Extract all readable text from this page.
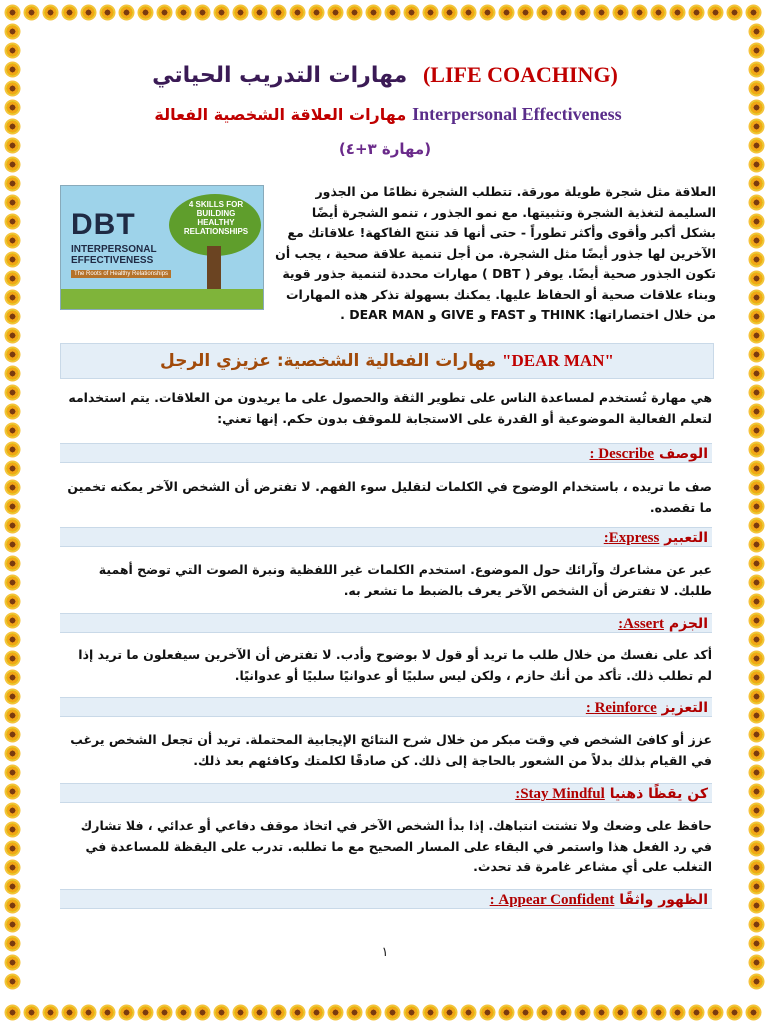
مهارات التدريب الحياتي (LIFE COACHING)
مهارات العلاقة الشخصية الفعالة Interpersonal Effectiveness
(مهارة ٣+٤)
4 SKILLS FOR BUILDING HEALTHY RELATIONSHIPS
DBT
INTERPERSONAL EFFECTIVENESS
The Roots of Healthy Relationships
العلاقة مثل شجرة طويلة مورقة. تتطلب الشجرة نظامًا من الجذور السليمة لتغذية الشجرة وتثبيتها. مع نمو الجذور ، تنمو الشجرة أيضًا بشكل أكبر وأقوى وأكثر تطوراً - حتى أنها قد تنتج الفاكهة! علاقاتك مع الآخرين لها جذور أيضًا مثل الشجرة. من أجل تنمية علاقة صحية ، يجب أن تكون الجذور صحية أيضًا. يوفر ( DBT ) مهارات محددة لتنمية جذور قوية وبناء علاقات صحية أو الحفاظ عليها. يمكنك بسهولة تذكر هذه المهارات من خلال اختصاراتها: THINK و FAST و GIVE و DEAR MAN .
مهارات الفعالية الشخصية: عزيزي الرجل "DEAR MAN"
هي مهارة تُستخدم لمساعدة الناس على تطوير الثقة والحصول على ما يريدون من العلاقات. يتم استخدامه لتعلم الفعالية الموضوعية أو القدرة على الاستجابة للموقف بدون حكم. إنها تعني:
الوصف Describe :
صف ما تريده ، باستخدام الوضوح في الكلمات لتقليل سوء الفهم. لا تفترض أن الشخص الآخر يمكنه تخمين ما تقصده.
التعبير Express:
عبر عن مشاعرك وآرائك حول الموضوع. استخدم الكلمات غير اللفظية ونبرة الصوت التي توضح أهمية طلبك. لا تفترض أن الشخص الآخر يعرف بالضبط ما تشعر به.
الجزم Assert:
أكد على نفسك من خلال طلب ما تريد أو قول لا بوضوح وأدب. لا تفترض أن الآخرين سيفعلون ما تريد إذا لم تطلب ذلك. تأكد من أنك حازم ، ولكن ليس سلبيًا أو عدوانيًا سلبيًا أو عدوانيًا.
التعزيز Reinforce :
عزز أو كافئ الشخص في وقت مبكر من خلال شرح النتائج الإيجابية المحتملة. تريد أن تجعل الشخص يرغب في القيام بذلك بدلاً من الشعور بالحاجة إلى ذلك. كن صادقًا لكلمتك وكافئهم بعد ذلك.
كن يقظًا ذهنيا Stay Mindful:
حافظ على وضعك ولا تشتت انتباهك. إذا بدأ الشخص الآخر في اتخاذ موقف دفاعي أو عدائي ، فلا تشارك في رد الفعل هذا واستمر في البقاء على المسار الصحيح مع ما تطلبه. تدرب على اليقظة للمساعدة في التغلب على أي مشاعر غامرة قد تحدث.
الظهور واثقًا Appear Confident :
١
